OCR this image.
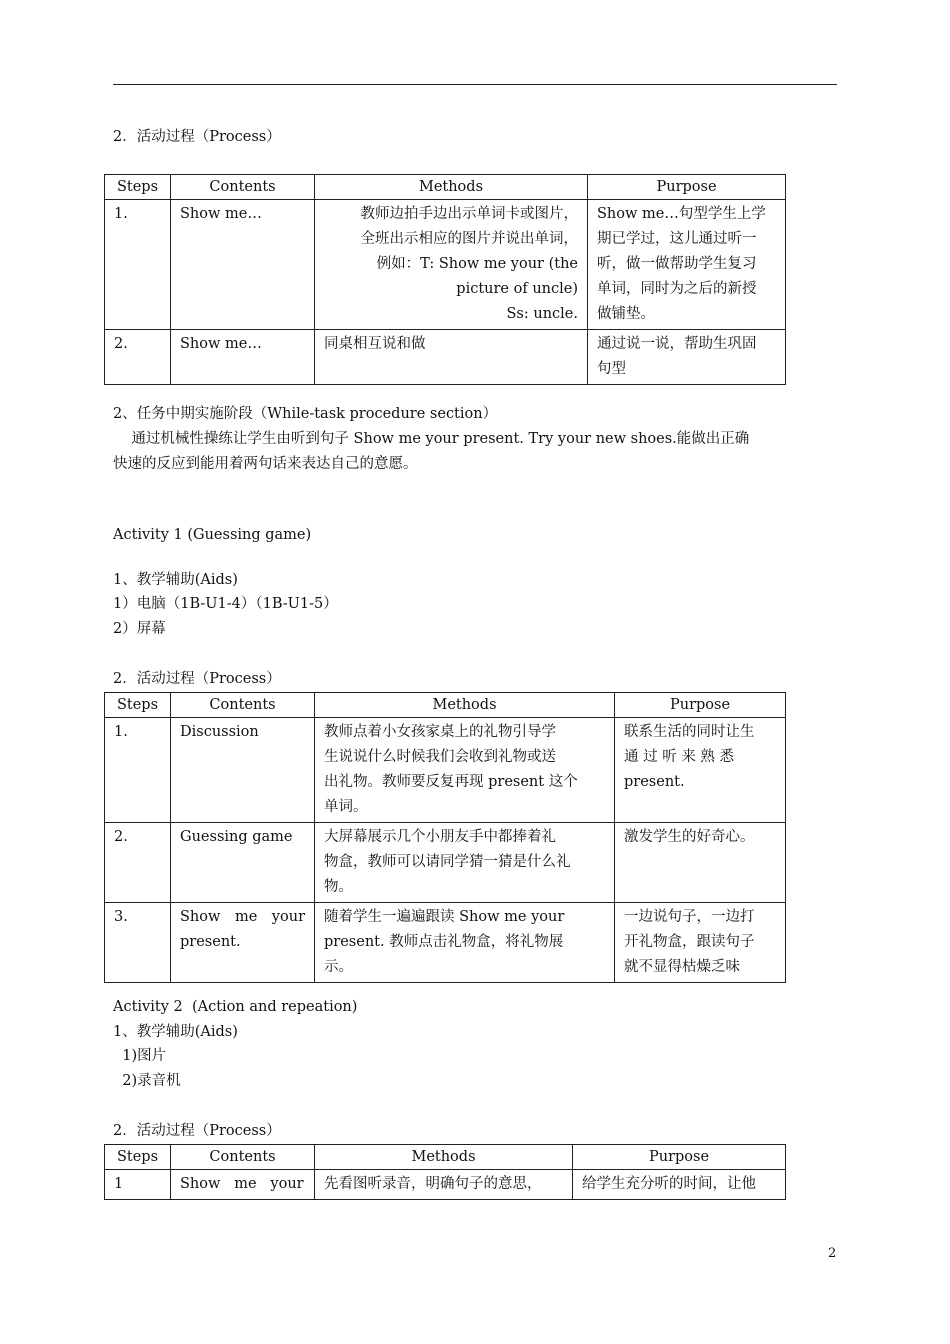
2．活动过程（Process）
Steps	Contents	Methods	Purpose
1.	Show me…	教师边拍手边出示单词卡或图片，
全班出示相应的图片并说出单词，
例如：T: Show me your (the
picture of uncle)
Ss: uncle.	Show me…句型学生上学
期已学过，这儿通过听一
听，做一做帮助学生复习
单词，同时为之后的新授
做铺垫。

2.	Show me…	同桌相互说和做	通过说一说，帮助生巩固
句型
2、任务中期实施阶段（While-task procedure section）
通过机械性操练让学生由听到句子 Show me your present. Try your new shoes.能做出正确
快速的反应到能用着两句话来表达自己的意愿。
Activity 1 (Guessing game)
1、教学辅助(Aids)
1）电脑（1B-U1-4）（1B-U1-5）
2）屏幕
2．活动过程（Process）
Steps	Contents	Methods	Purpose
1.	Discussion	教师点着小女孩家桌上的礼物引导学
生说说什么时候我们会收到礼物或送
出礼物。教师要反复再现 present 这个
单词。	联系生活的同时让生
通 过 听 来 熟 悉
present.

2.	Guessing game	大屏幕展示几个小朋友手中都捧着礼
物盒，教师可以请同学猜一猜是什么礼
物。	激发学生的好奇心。

3.	Show me your present.	随着学生一遍遍跟读 Show me your
present. 教师点击礼物盒，将礼物展
示。	一边说句子，一边打
开礼物盒，跟读句子
就不显得枯燥乏味
Activity 2  (Action and repeation)
1、教学辅助(Aids)
1)图片
2)录音机
2．活动过程（Process）
Steps	Contents	Methods	Purpose
1	Show   me   your	先看图听录音，明确句子的意思，	给学生充分听的时间，让他
2
